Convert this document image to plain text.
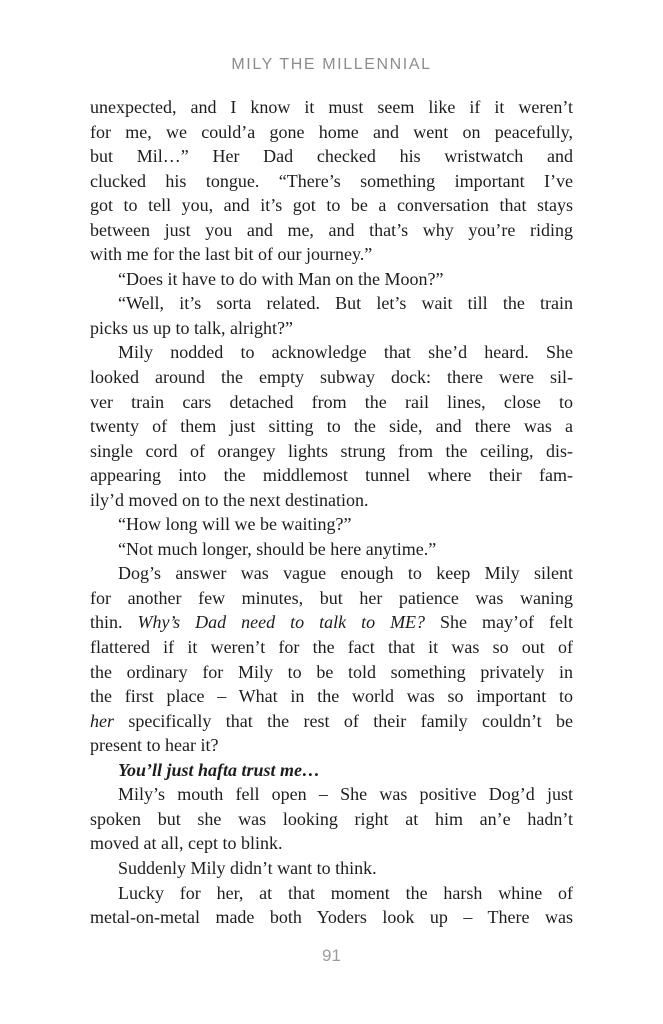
MILY THE MILLENNIAL
unexpected, and I know it must seem like if it weren’t
for me, we could’a gone home and went on peacefully,
but Mil…” Her Dad checked his wristwatch and
clucked his tongue. “There’s something important I’ve
got to tell you, and it’s got to be a conversation that stays
between just you and me, and that’s why you’re riding
with me for the last bit of our journey.”
“Does it have to do with Man on the Moon?”
“Well, it’s sorta related. But let’s wait till the train
picks us up to talk, alright?”
Mily nodded to acknowledge that she’d heard. She
looked around the empty subway dock: there were sil-
ver train cars detached from the rail lines, close to
twenty of them just sitting to the side, and there was a
single cord of orangey lights strung from the ceiling, dis-
appearing into the middlemost tunnel where their fam-
ily’d moved on to the next destination.
“How long will we be waiting?”
“Not much longer, should be here anytime.”
Dog’s answer was vague enough to keep Mily silent
for another few minutes, but her patience was waning
thin. Why’s Dad need to talk to ME? She may’of felt
flattered if it weren’t for the fact that it was so out of
the ordinary for Mily to be told something privately in
the first place – What in the world was so important to
her specifically that the rest of their family couldn’t be
present to hear it?
You’ll just hafta trust me…
Mily’s mouth fell open – She was positive Dog’d just
spoken but she was looking right at him an’e hadn’t
moved at all, cept to blink.
Suddenly Mily didn’t want to think.
Lucky for her, at that moment the harsh whine of
metal-on-metal made both Yoders look up – There was
91
